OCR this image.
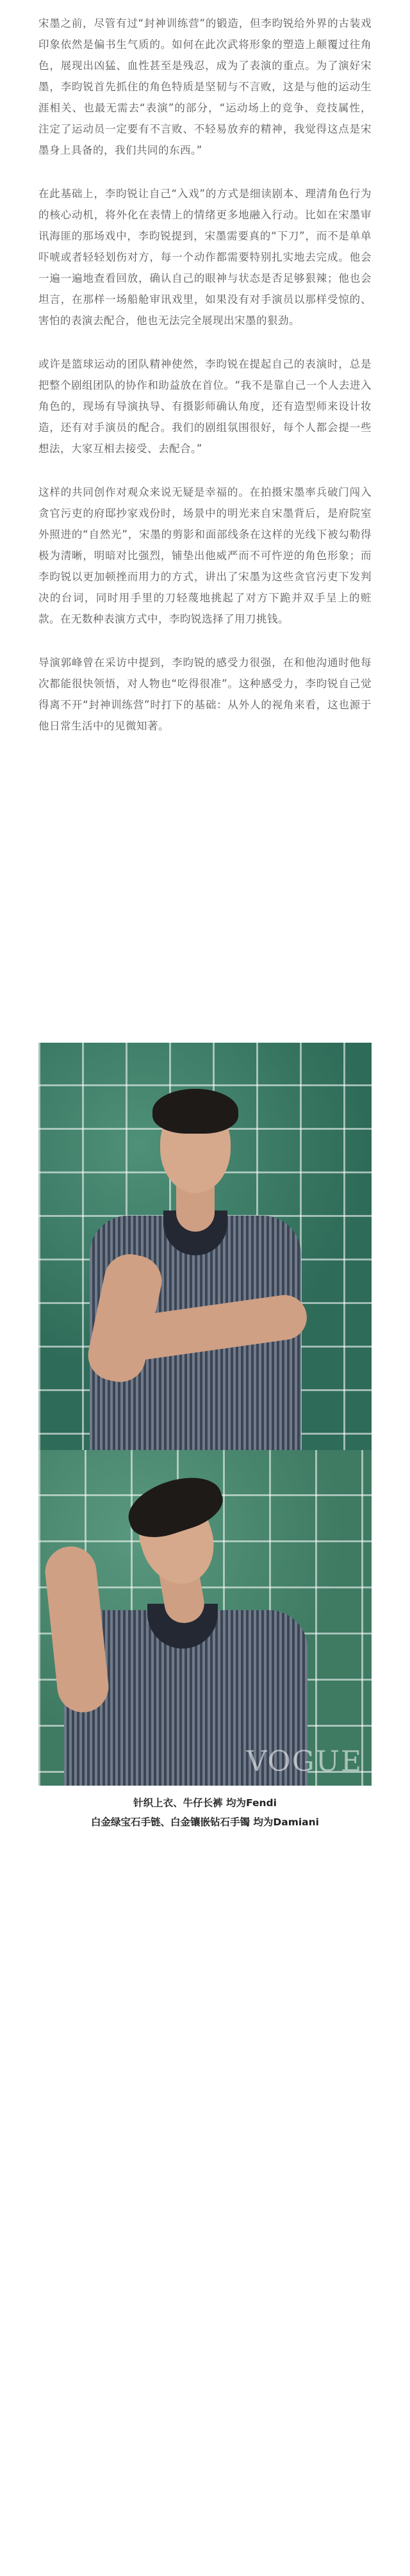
宋墨之前，尽管有过“封神训练营”的锻造，但李昀锐给外界的古装戏印象依然是偏书生气质的。如何在此次武将形象的塑造上颠覆过往角色，展现出凶猛、血性甚至是残忍，成为了表演的重点。为了演好宋墨，李昀锐首先抓住的角色特质是坚韧与不言败，这是与他的运动生涯相关、也最无需去“表演”的部分，“运动场上的竞争、竞技属性，注定了运动员一定要有不言败、不轻易放弃的精神，我觉得这点是宋墨身上具备的，我们共同的东西。”

在此基础上，李昀锐让自己“入戏”的方式是细读剧本、理清角色行为的核心动机，将外化在表情上的情绪更多地融入行动。比如在宋墨审讯海匪的那场戏中，李昀锐提到，宋墨需要真的“下刀”，而不是单单吓唬或者轻轻划伤对方，每一个动作都需要特别扎实地去完成。他会一遍一遍地查看回放，确认自己的眼神与状态是否足够狠辣；他也会坦言，在那样一场船舱审讯戏里，如果没有对手演员以那样受惊的、害怕的表演去配合，他也无法完全展现出宋墨的狠劲。

或许是篮球运动的团队精神使然，李昀锐在提起自己的表演时，总是把整个剧组团队的协作和助益放在首位。“我不是靠自己一个人去进入角色的，现场有导演执导、有摄影师确认角度，还有造型师来设计妆造，还有对手演员的配合。我们的剧组氛围很好，每个人都会提一些想法，大家互相去接受、去配合。”

这样的共同创作对观众来说无疑是幸福的。在拍摄宋墨率兵破门闯入贪官污吏的府邸抄家戏份时，场景中的明光来自宋墨背后，是府院室外照进的“自然光”，宋墨的剪影和面部线条在这样的光线下被勾勒得极为清晰，明暗对比强烈，铺垫出他威严而不可忤逆的角色形象；而李昀锐以更加顿挫而用力的方式，讲出了宋墨为这些贪官污吏下发判决的台词，同时用手里的刀轻蔑地挑起了对方下跪并双手呈上的赃款。在无数种表演方式中，李昀锐选择了用刀挑钱。

导演郭峰曾在采访中提到，李昀锐的感受力很强，在和他沟通时他每次都能很快领悟，对人物也“吃得很准”。这种感受力，李昀锐自己觉得离不开“封神训练营”时打下的基础：从外人的视角来看，这也源于他日常生活中的见微知著。

VOGUE
针织上衣、牛仔长裤 均为Fendi
白金绿宝石手链、白金镶嵌钻石手镯 均为Damiani
